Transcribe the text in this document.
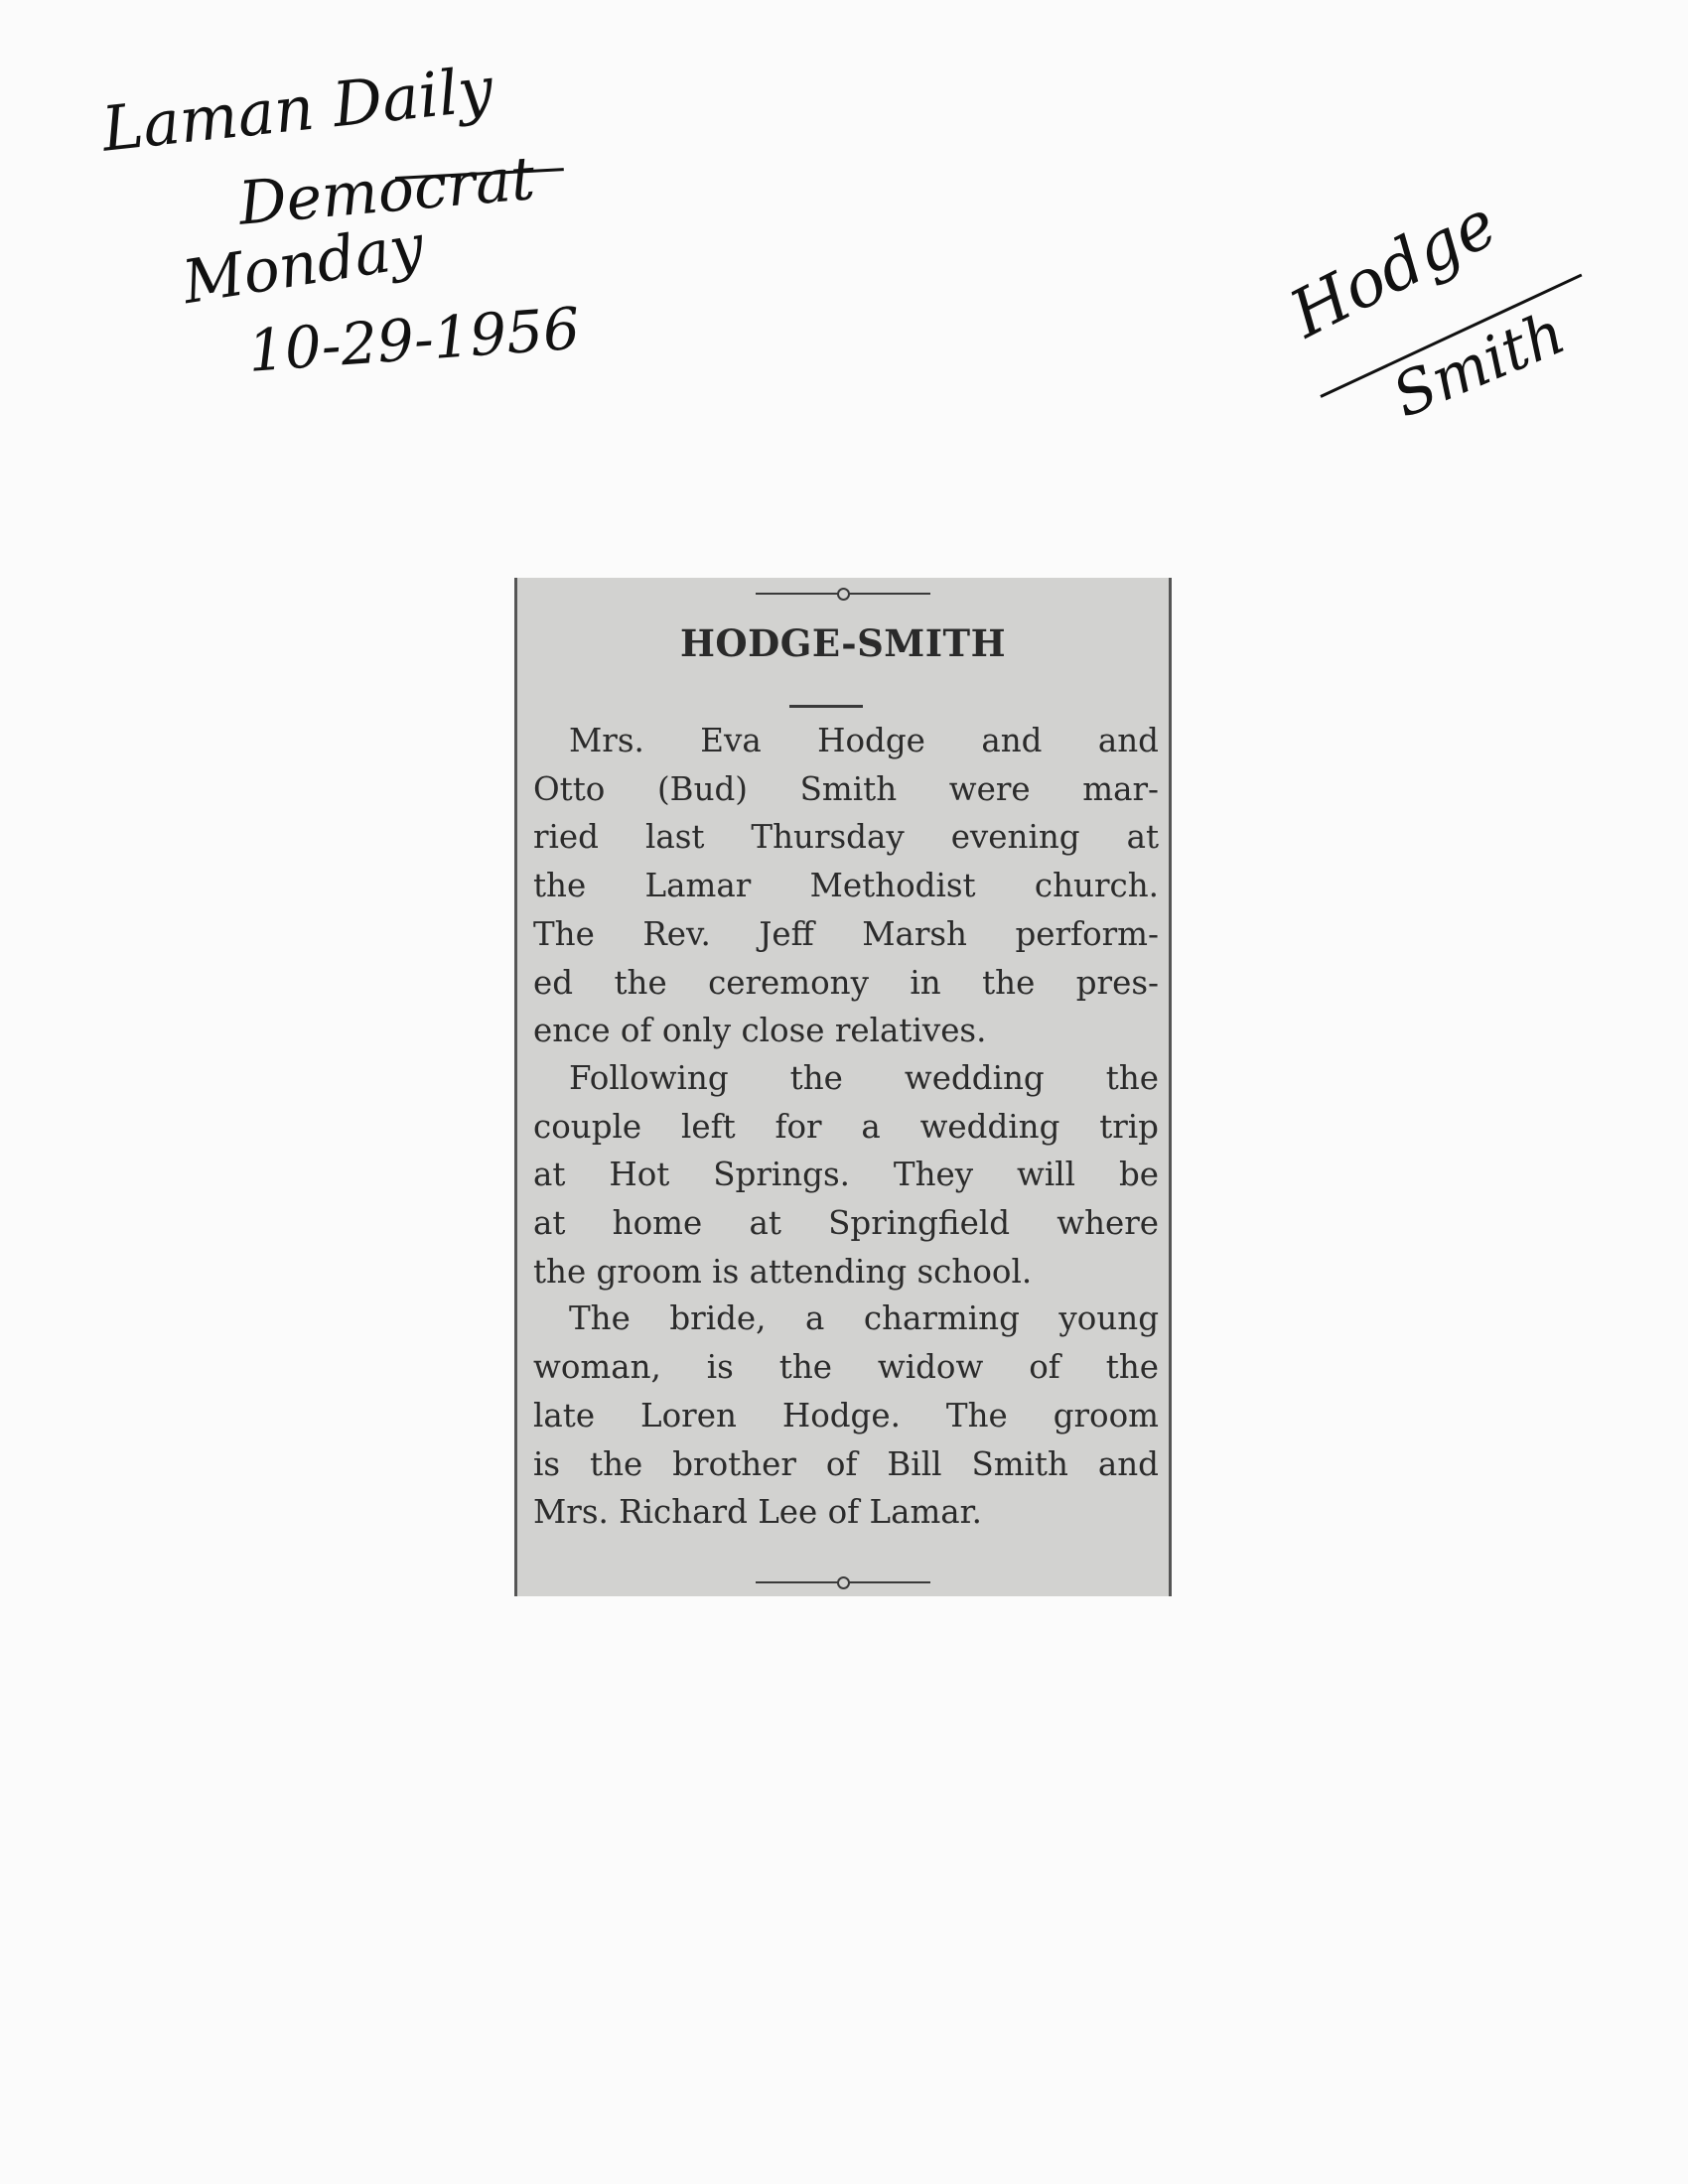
Laman Daily

Democrat

Monday

10-29-1956	Hodge

Smith

HODGE-SMITH

Mrs. Eva Hodge and and
Otto (Bud) Smith were mar-
ried last Thursday evening at
the Lamar Methodist church.
The Rev. Jeff Marsh perform-
ed the ceremony in the pres-
ence of only close relatives.

Following the wedding the
couple left for a wedding trip
at Hot Springs. They will be
at home at Springfield where
the groom is attending school.

The bride, a charming young
woman, is the widow of the
late Loren Hodge. The groom
is the brother of Bill Smith and
Mrs. Richard Lee of Lamar.
